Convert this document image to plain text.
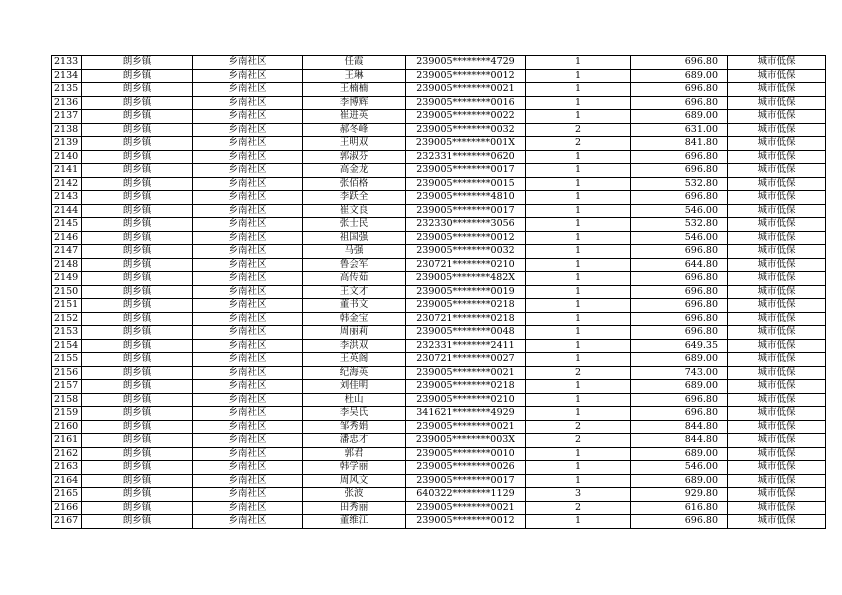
2133	朗乡镇	乡南社区	任霞	239005********4729	1	696.80	城市低保
2134	朗乡镇	乡南社区	王琳	239005********0012	1	689.00	城市低保
2135	朗乡镇	乡南社区	王楠楠	239005********0021	1	696.80	城市低保
2136	朗乡镇	乡南社区	李博辉	239005********0016	1	696.80	城市低保
2137	朗乡镇	乡南社区	崔进英	239005********0022	1	689.00	城市低保
2138	朗乡镇	乡南社区	郝冬峰	239005********0032	2	631.00	城市低保
2139	朗乡镇	乡南社区	王明双	239005********001X	2	841.80	城市低保
2140	朗乡镇	乡南社区	郭淑芬	232331********0620	1	696.80	城市低保
2141	朗乡镇	乡南社区	高金龙	239005********0017	1	696.80	城市低保
2142	朗乡镇	乡南社区	张佰格	239005********0015	1	532.80	城市低保
2143	朗乡镇	乡南社区	李跃全	239005********4810	1	696.80	城市低保
2144	朗乡镇	乡南社区	崔文良	239005********0017	1	546.00	城市低保
2145	朗乡镇	乡南社区	张士民	232330********3056	1	532.80	城市低保
2146	朗乡镇	乡南社区	祖国强	239005********0012	1	546.00	城市低保
2147	朗乡镇	乡南社区	马强	239005********0032	1	696.80	城市低保
2148	朗乡镇	乡南社区	鲁会军	230721********0210	1	644.80	城市低保
2149	朗乡镇	乡南社区	高传茹	239005********482X	1	696.80	城市低保
2150	朗乡镇	乡南社区	王文才	239005********0019	1	696.80	城市低保
2151	朗乡镇	乡南社区	董书文	239005********0218	1	696.80	城市低保
2152	朗乡镇	乡南社区	韩金宝	230721********0218	1	696.80	城市低保
2153	朗乡镇	乡南社区	周丽莉	239005********0048	1	696.80	城市低保
2154	朗乡镇	乡南社区	李洪双	232331********2411	1	649.35	城市低保
2155	朗乡镇	乡南社区	王英阁	230721********0027	1	689.00	城市低保
2156	朗乡镇	乡南社区	纪海英	239005********0021	2	743.00	城市低保
2157	朗乡镇	乡南社区	刘佳明	239005********0218	1	689.00	城市低保
2158	朗乡镇	乡南社区	杜山	239005********0210	1	696.80	城市低保
2159	朗乡镇	乡南社区	李吴氏	341621********4929	1	696.80	城市低保
2160	朗乡镇	乡南社区	邹秀娟	239005********0021	2	844.80	城市低保
2161	朗乡镇	乡南社区	潘忠才	239005********003X	2	844.80	城市低保
2162	朗乡镇	乡南社区	郭君	239005********0010	1	689.00	城市低保
2163	朗乡镇	乡南社区	韩学丽	239005********0026	1	546.00	城市低保
2164	朗乡镇	乡南社区	周风文	239005********0017	1	689.00	城市低保
2165	朗乡镇	乡南社区	张波	640322********1129	3	929.80	城市低保
2166	朗乡镇	乡南社区	田秀丽	239005********0021	2	616.80	城市低保
2167	朗乡镇	乡南社区	董维江	239005********0012	1	696.80	城市低保
